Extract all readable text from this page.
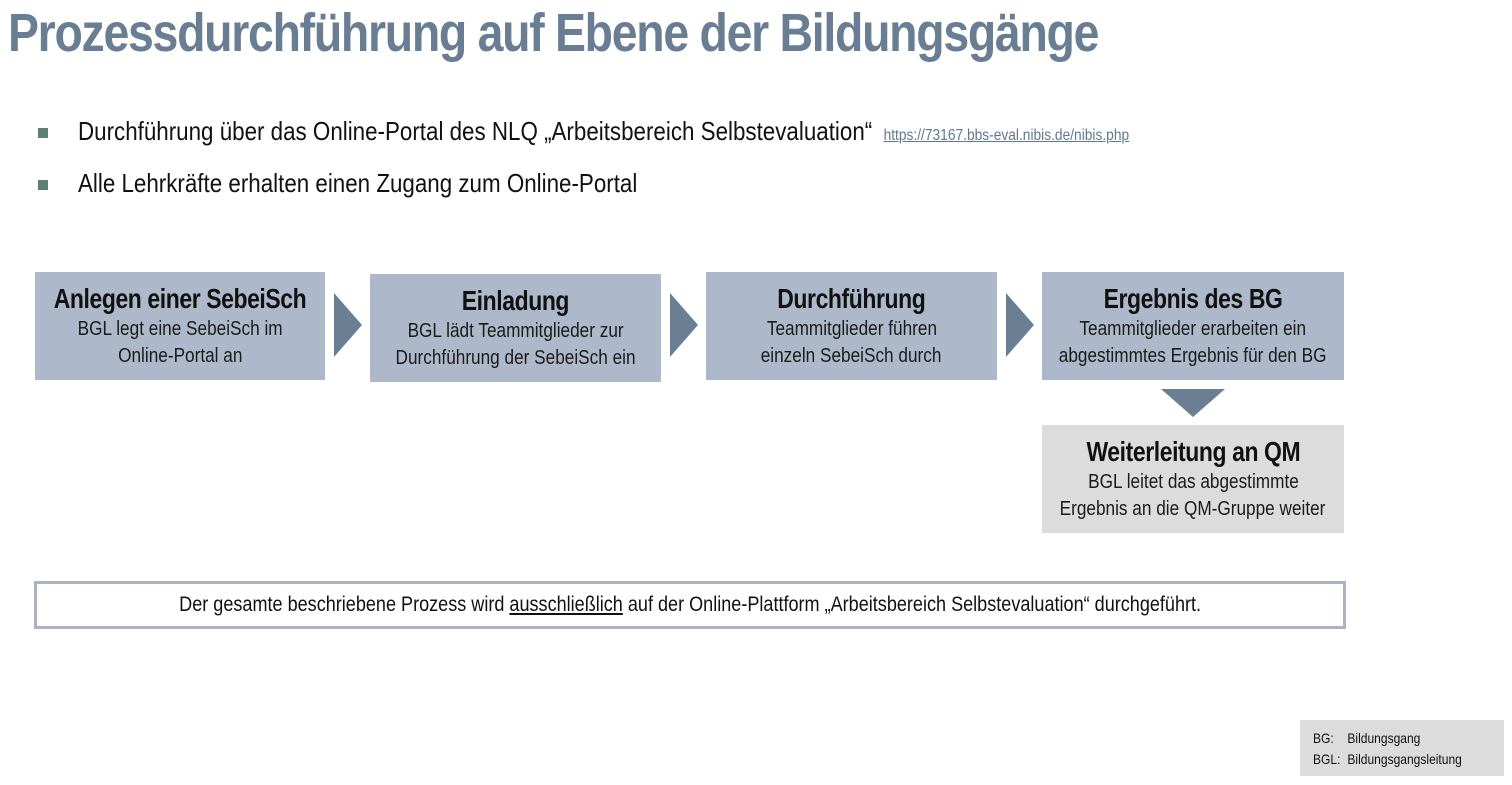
Prozessdurchführung auf Ebene der Bildungsgänge
Durchführung über das Online-Portal des NLQ „Arbeitsbereich Selbstevaluation“ https://73167.bbs-eval.nibis.de/nibis.php
Alle Lehrkräfte erhalten einen Zugang zum Online-Portal
Anlegen einer SebeiSch
BGL legt eine SebeiSch im
Online-Portal an
Einladung
BGL lädt Teammitglieder zur
Durchführung der SebeiSch ein
Durchführung
Teammitglieder führen
einzeln SebeiSch durch
Ergebnis des BG
Teammitglieder erarbeiten ein
abgestimmtes Ergebnis für den BG
Weiterleitung an QM
BGL leitet das abgestimmte
Ergebnis an die QM-Gruppe weiter
Der gesamte beschriebene Prozess wird ausschließlich auf der Online-Plattform „Arbeitsbereich Selbstevaluation“ durchgeführt.
BG: Bildungsgang
BGL: Bildungsgangsleitung
